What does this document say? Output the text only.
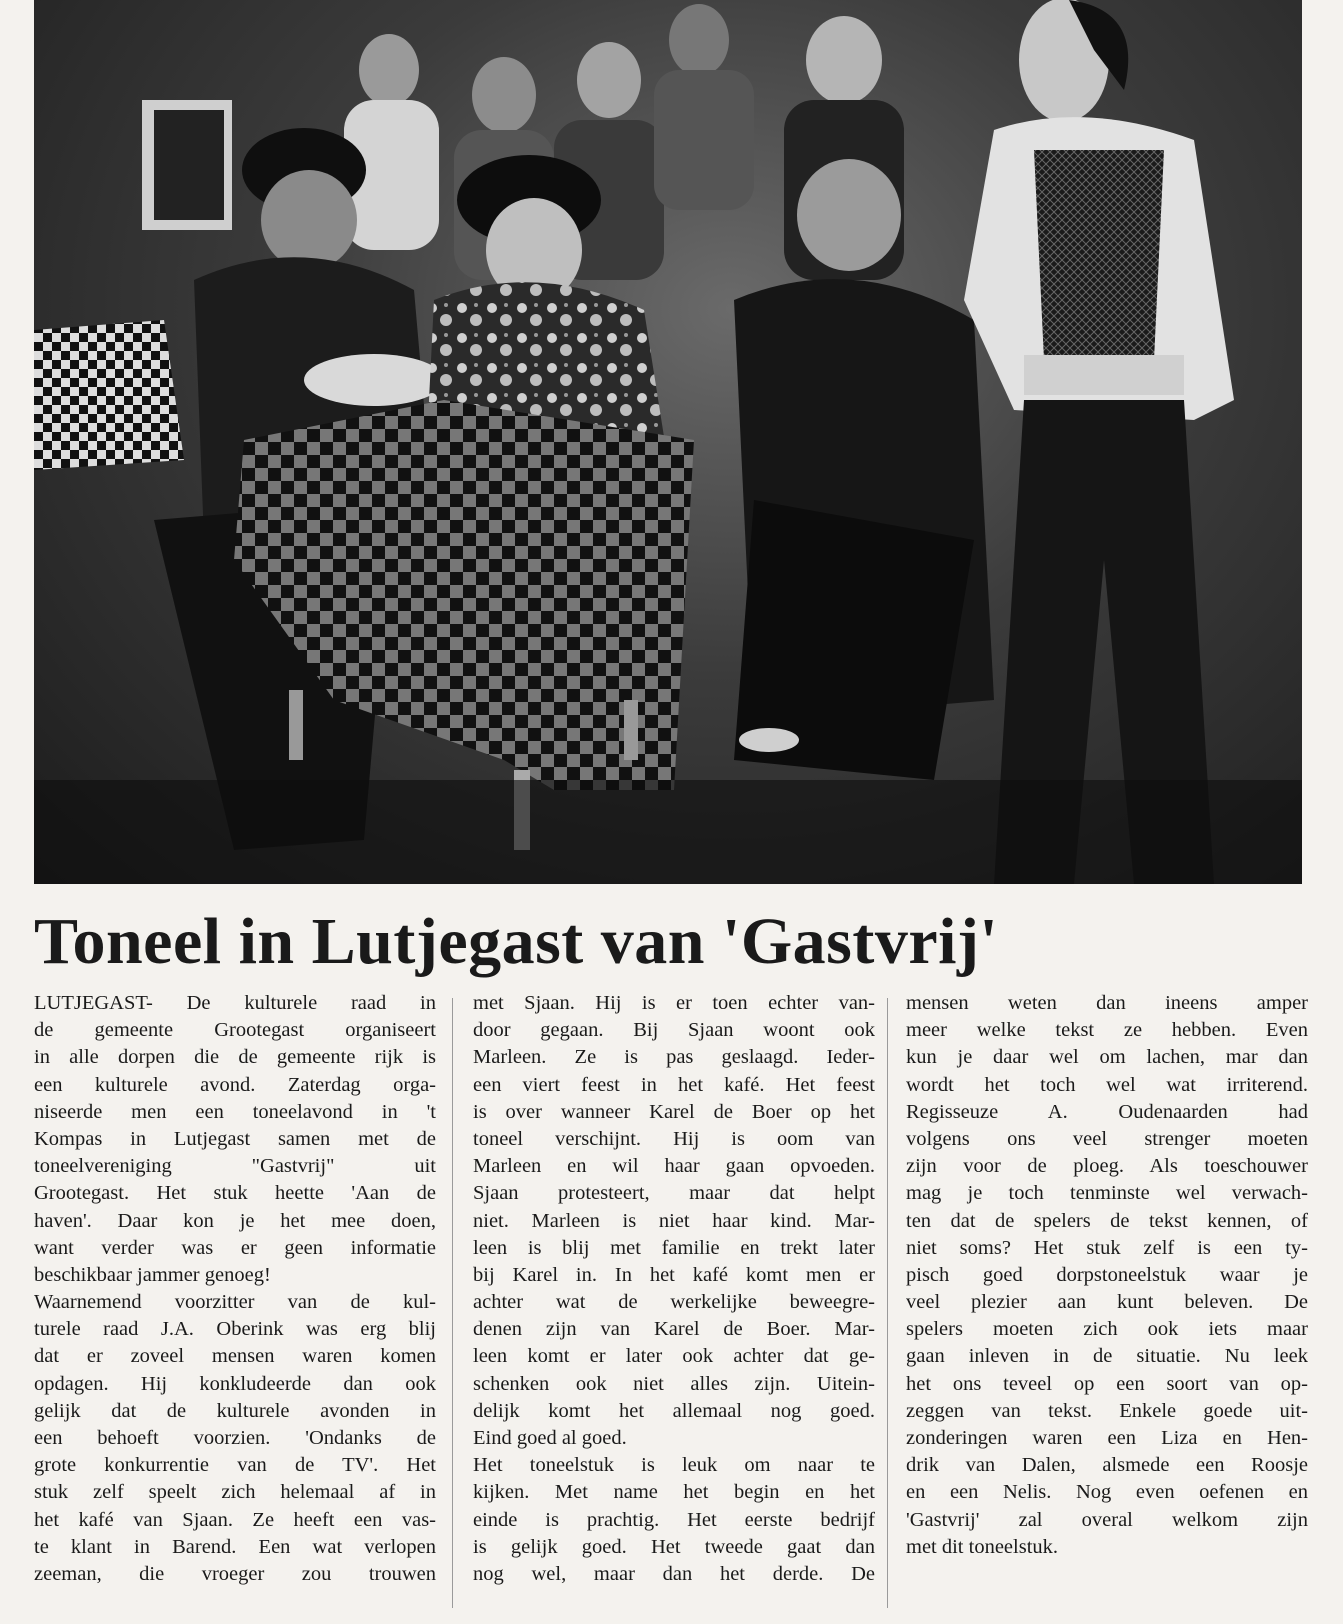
Toneel in Lutjegast van 'Gastvrij'
LUTJEGAST- De kulturele raad in
de gemeente Grootegast organiseert
in alle dorpen die de gemeente rijk is
een kulturele avond. Zaterdag orga-
niseerde men een toneelavond in 't
Kompas in Lutjegast samen met de
toneelvereniging "Gastvrij" uit
Grootegast. Het stuk heette 'Aan de
haven'. Daar kon je het mee doen,
want verder was er geen informatie
beschikbaar jammer genoeg!
Waarnemend voorzitter van de kul-
turele raad J.A. Oberink was erg blij
dat er zoveel mensen waren komen
opdagen. Hij konkludeerde dan ook
gelijk dat de kulturele avonden in
een behoeft voorzien. 'Ondanks de
grote konkurrentie van de TV'. Het
stuk zelf speelt zich helemaal af in
het kafé van Sjaan. Ze heeft een vas-
te klant in Barend. Een wat verlopen
zeeman, die vroeger zou trouwen
met Sjaan. Hij is er toen echter van-
door gegaan. Bij Sjaan woont ook
Marleen. Ze is pas geslaagd. Ieder-
een viert feest in het kafé. Het feest
is over wanneer Karel de Boer op het
toneel verschijnt. Hij is oom van
Marleen en wil haar gaan opvoeden.
Sjaan protesteert, maar dat helpt
niet. Marleen is niet haar kind. Mar-
leen is blij met familie en trekt later
bij Karel in. In het kafé komt men er
achter wat de werkelijke beweegre-
denen zijn van Karel de Boer. Mar-
leen komt er later ook achter dat ge-
schenken ook niet alles zijn. Uitein-
delijk komt het allemaal nog goed.
Eind goed al goed.
Het toneelstuk is leuk om naar te
kijken. Met name het begin en het
einde is prachtig. Het eerste bedrijf
is gelijk goed. Het tweede gaat dan
nog wel, maar dan het derde. De
mensen weten dan ineens amper
meer welke tekst ze hebben. Even
kun je daar wel om lachen, mar dan
wordt het toch wel wat irriterend.
Regisseuze A. Oudenaarden had
volgens ons veel strenger moeten
zijn voor de ploeg. Als toeschouwer
mag je toch tenminste wel verwach-
ten dat de spelers de tekst kennen, of
niet soms? Het stuk zelf is een ty-
pisch goed dorpstoneelstuk waar je
veel plezier aan kunt beleven. De
spelers moeten zich ook iets maar
gaan inleven in de situatie. Nu leek
het ons teveel op een soort van op-
zeggen van tekst. Enkele goede uit-
zonderingen waren een Liza en Hen-
drik van Dalen, alsmede een Roosje
en een Nelis. Nog even oefenen en
'Gastvrij' zal overal welkom zijn
met dit toneelstuk.
